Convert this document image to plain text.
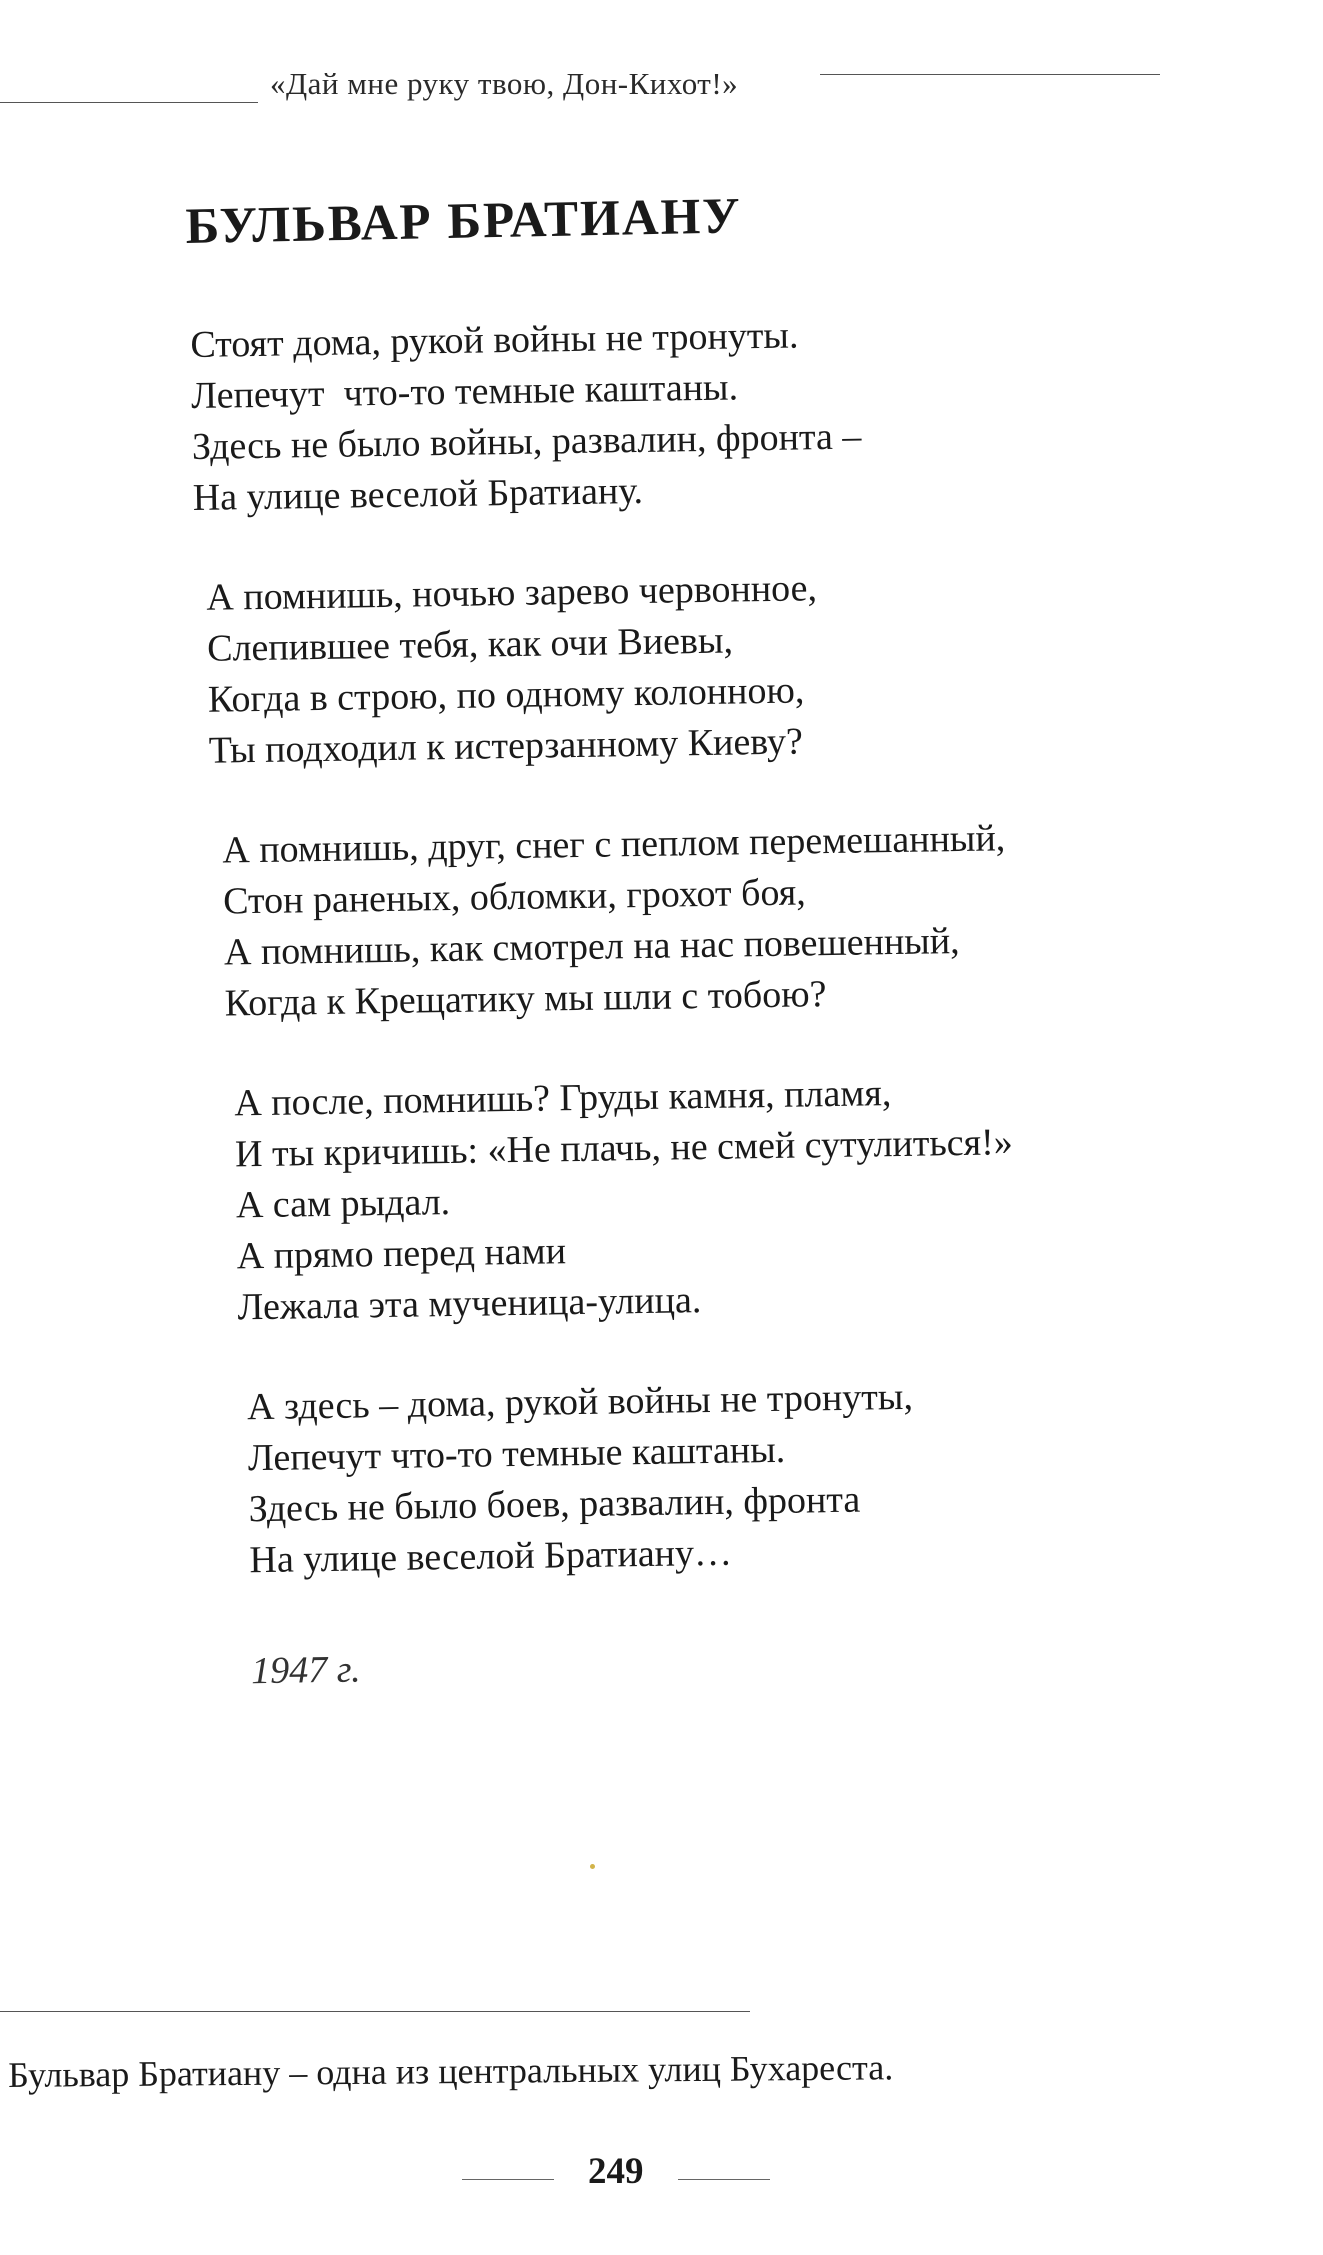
«Дай мне руку твою, Дон-Кихот!»
БУЛЬВАР БРАТИАНУ
Стоят дома, рукой войны не тронуты.
Лепечут  что-то темные каштаны.
Здесь не было войны, развалин, фронта –
На улице веселой Братиану.
А помнишь, ночью зарево червонное,
Слепившее тебя, как очи Виевы,
Когда в строю, по одному колонною,
Ты подходил к истерзанному Киеву?
А помнишь, друг, снег с пеплом перемешанный,
Стон раненых, обломки, грохот боя,
А помнишь, как смотрел на нас повешенный,
Когда к Крещатику мы шли с тобою?
А после, помнишь? Груды камня, пламя,
И ты кричишь: «Не плачь, не смей сутулиться!»
А сам рыдал.
А прямо перед нами
Лежала эта мученица-улица.
А здесь – дома, рукой войны не тронуты,
Лепечут что-то темные каштаны.
Здесь не было боев, развалин, фронта
На улице веселой Братиану…
1947 г.
Бульвар Братиану – одна из центральных улиц Бухареста.
249
